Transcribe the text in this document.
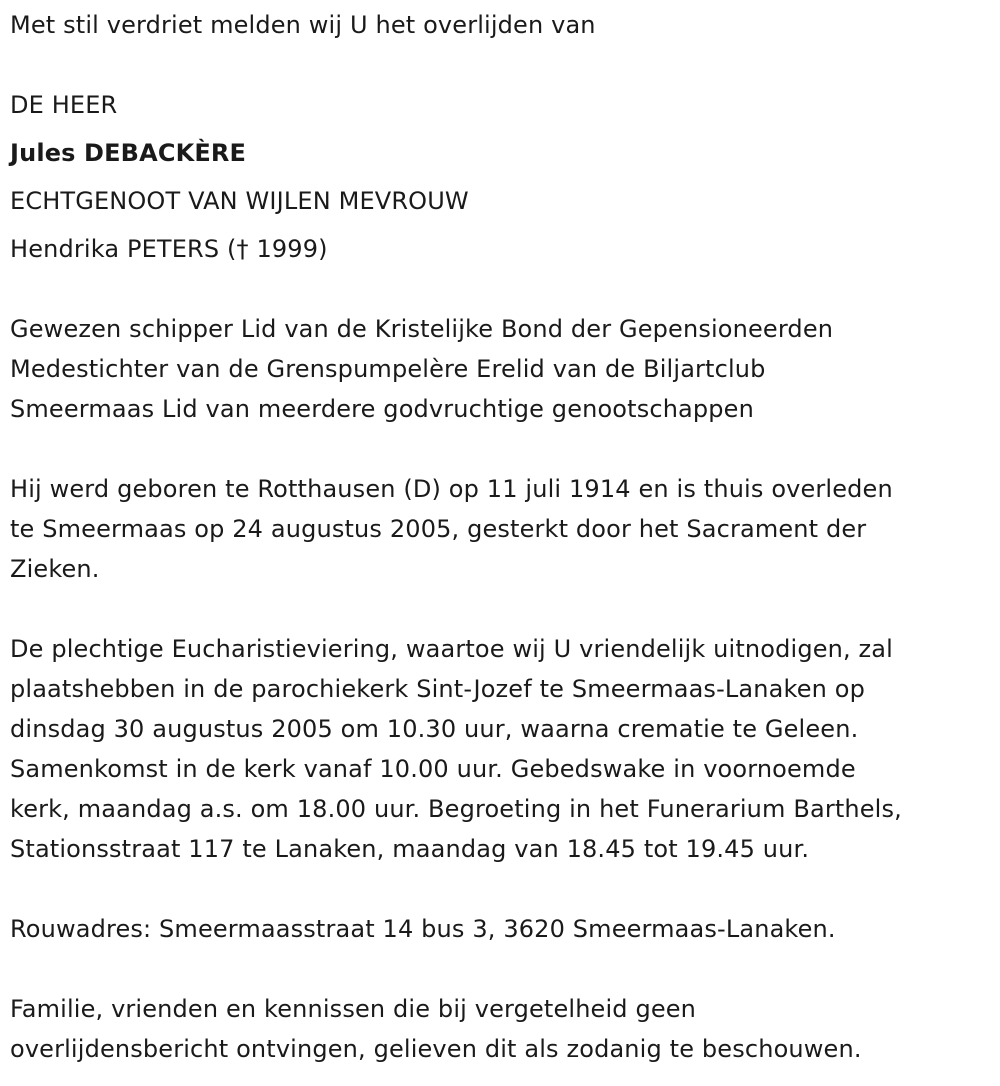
Met stil verdriet melden wij U het overlijden van
DE HEER
Jules DEBACKÈRE
ECHTGENOOT VAN WIJLEN MEVROUW
Hendrika PETERS († 1999)
Gewezen schipper Lid van de Kristelijke Bond der Gepensioneerden
Medestichter van de Grenspumpelère Erelid van de Biljartclub
Smeermaas Lid van meerdere godvruchtige genootschappen
Hij werd geboren te Rotthausen (D) op 11 juli 1914 en is thuis overleden
te Smeermaas op 24 augustus 2005, gesterkt door het Sacrament der
Zieken.
De plechtige Eucharistieviering, waartoe wij U vriendelijk uitnodigen, zal
plaatshebben in de parochiekerk Sint-Jozef te Smeermaas-Lanaken op
dinsdag 30 augustus 2005 om 10.30 uur, waarna crematie te Geleen.
Samenkomst in de kerk vanaf 10.00 uur. Gebedswake in voornoemde
kerk, maandag a.s. om 18.00 uur. Begroeting in het Funerarium Barthels,
Stationsstraat 117 te Lanaken, maandag van 18.45 tot 19.45 uur.
Rouwadres: Smeermaasstraat 14 bus 3, 3620 Smeermaas-Lanaken.
Familie, vrienden en kennissen die bij vergetelheid geen
overlijdensbericht ontvingen, gelieven dit als zodanig te beschouwen.
